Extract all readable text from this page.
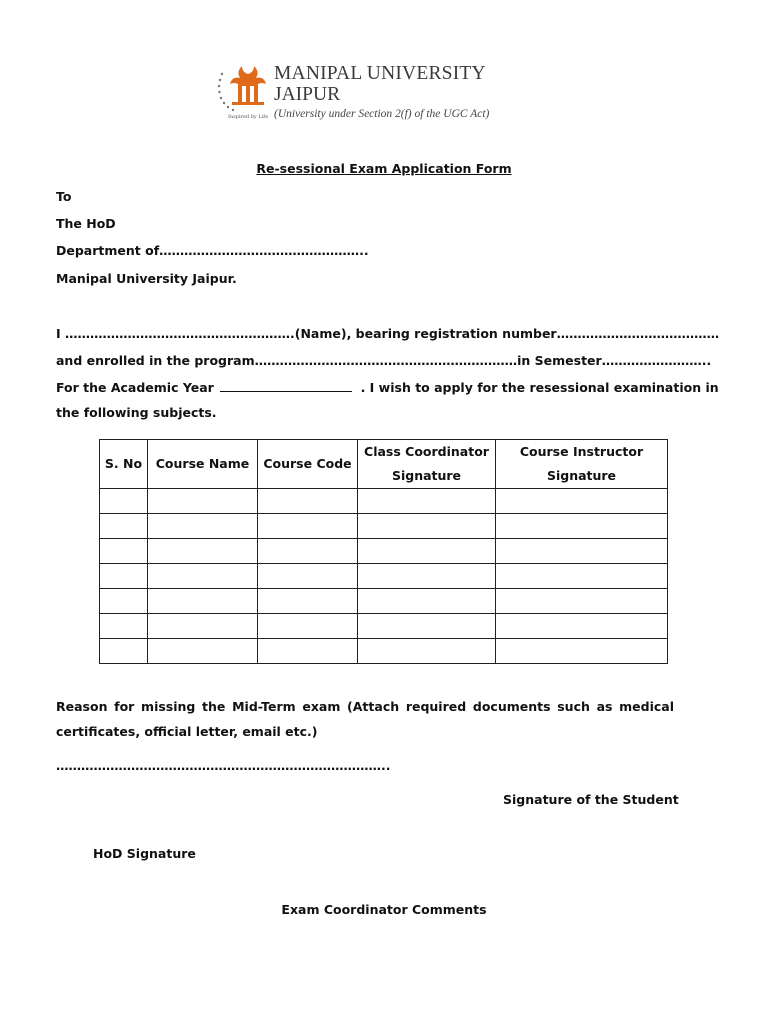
Inspired by Life
MANIPAL UNIVERSITY
JAIPUR
(University under Section 2(f) of the UGC Act)
Re-sessional Exam Application Form
To
The HoD
Department of…………………………………………..
Manipal University Jaipur.
I ……………………………………………….(Name), bearing registration number…………………………………
and enrolled in the program………………………………………………………in Semester……………………..
For the Academic Year	. I wish to apply for the resessional examination in
the following subjects.
S. No	Course Name	Course Code	Class Coordinator Signature	Course Instructor Signature

Reason for missing the Mid-Term exam (Attach required documents such as medical
certificates, official letter, email etc.)
……………………………………………………………………..
Signature of the Student
HoD Signature
Exam Coordinator Comments
